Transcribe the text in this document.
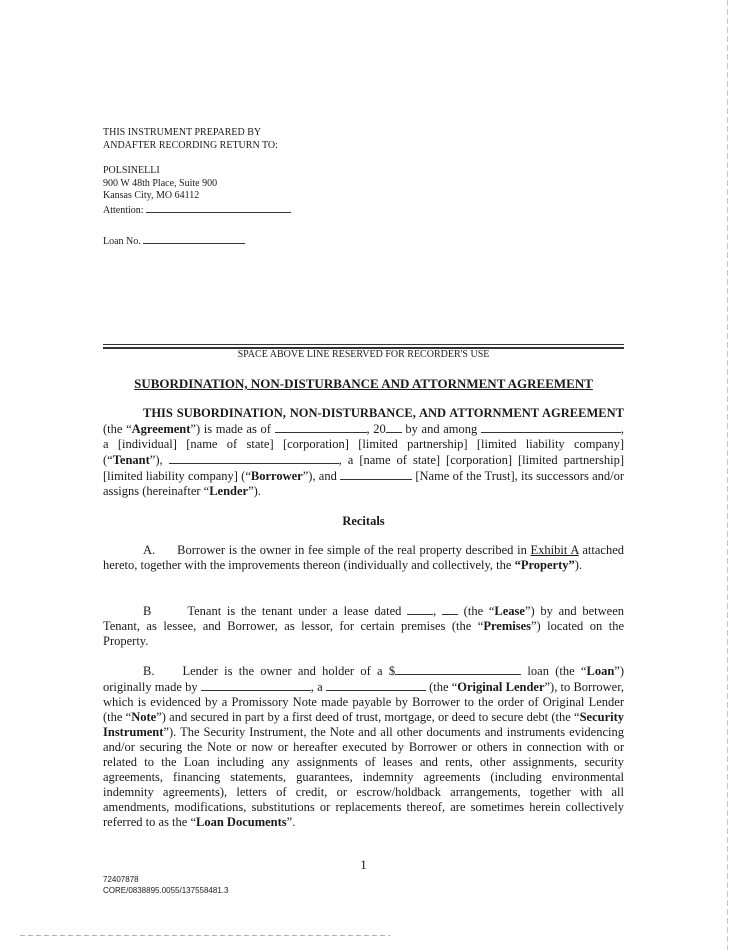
THIS INSTRUMENT PREPARED BY
ANDAFTER RECORDING RETURN TO:
POLSINELLI
900 W 48th Place, Suite 900
Kansas City, MO 64112
Attention:
Loan No.
SPACE ABOVE LINE RESERVED FOR RECORDER'S USE
SUBORDINATION, NON-DISTURBANCE AND ATTORNMENT AGREEMENT

THIS SUBORDINATION, NON-DISTURBANCE, AND ATTORNMENT AGREEMENT (the “Agreement”) is made as of	, 20 by and among	, a [individual] [name of state] [corporation] [limited partnership] [limited liability company] (“Tenant”),	, a [name of state] [corporation] [limited partnership] [limited liability company] (“Borrower”), and	[Name of the Trust], its successors and/or assigns (hereinafter “Lender”).

Recitals

A. Borrower is the owner in fee simple of the real property described in Exhibit A attached hereto, together with the improvements thereon (individually and collectively, the “Property”).

B	Tenant is the tenant under a lease dated ,  (the “Lease”) by and between Tenant, as lessee, and Borrower, as lessor, for certain premises (the “Premises”) located on the Property.

B. Lender is the owner and holder of a $	loan (the “Loan”) originally made by	, a	(the “Original Lender”), to Borrower, which is evidenced by a Promissory Note made payable by Borrower to the order of Original Lender (the “Note”) and secured in part by a first deed of trust, mortgage, or deed to secure debt (the “Security Instrument”). The Security Instrument, the Note and all other documents and instruments evidencing and/or securing the Note or now or hereafter executed by Borrower or others in connection with or related to the Loan including any assignments of leases and rents, other assignments, security agreements, financing statements, guarantees, indemnity agreements (including environmental indemnity agreements), letters of credit, or escrow/holdback arrangements, together with all amendments, modifications, substitutions or replacements thereof, are sometimes herein collectively referred to as the “Loan Documents”.

1
72407878
CORE/0838895.0055/137558481.3
